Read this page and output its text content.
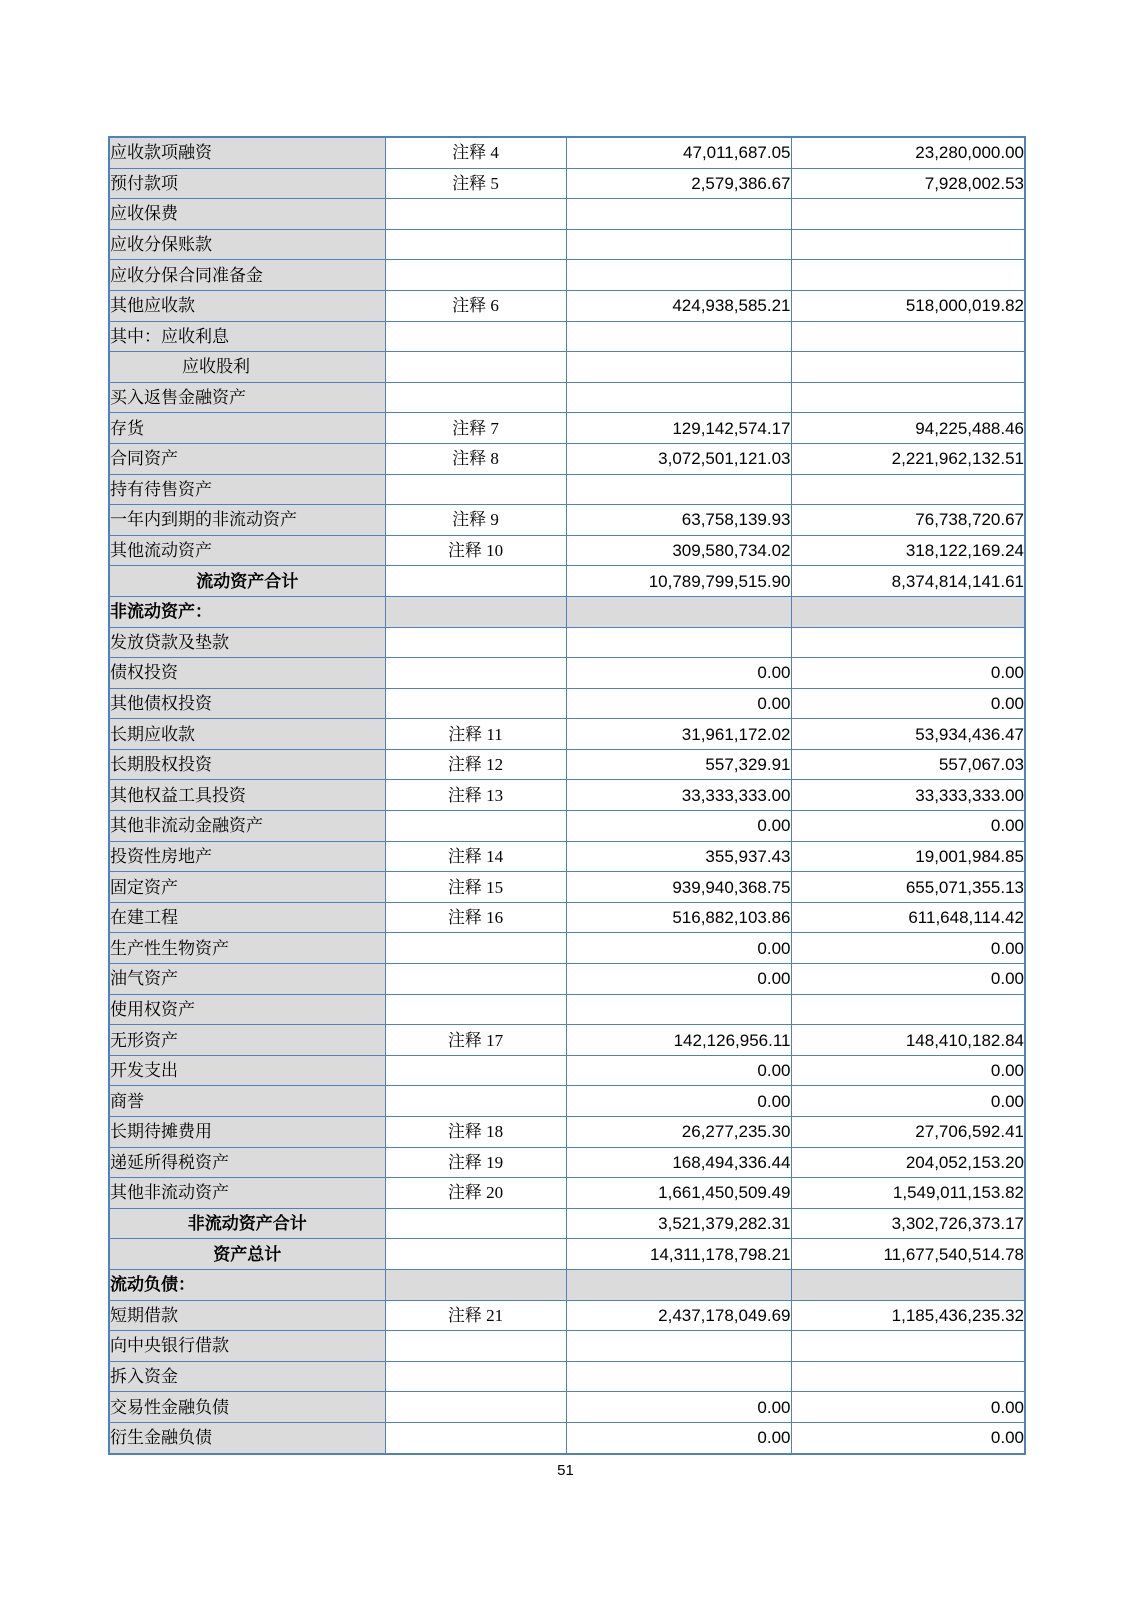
应收款项融资	注释 4	47,011,687.05	23,280,000.00
预付款项	注释 5	2,579,386.67	7,928,002.53
应收保费			
应收分保账款			
应收分保合同准备金			
其他应收款	注释 6	424,938,585.21	518,000,019.82
其中：应收利息			
应收股利			
买入返售金融资产			
存货	注释 7	129,142,574.17	94,225,488.46
合同资产	注释 8	3,072,501,121.03	2,221,962,132.51
持有待售资产			
一年内到期的非流动资产	注释 9	63,758,139.93	76,738,720.67
其他流动资产	注释 10	309,580,734.02	318,122,169.24
流动资产合计		10,789,799,515.90	8,374,814,141.61
非流动资产：			
发放贷款及垫款			
债权投资		0.00	0.00
其他债权投资		0.00	0.00
长期应收款	注释 11	31,961,172.02	53,934,436.47
长期股权投资	注释 12	557,329.91	557,067.03
其他权益工具投资	注释 13	33,333,333.00	33,333,333.00
其他非流动金融资产		0.00	0.00
投资性房地产	注释 14	355,937.43	19,001,984.85
固定资产	注释 15	939,940,368.75	655,071,355.13
在建工程	注释 16	516,882,103.86	611,648,114.42
生产性生物资产		0.00	0.00
油气资产		0.00	0.00
使用权资产			
无形资产	注释 17	142,126,956.11	148,410,182.84
开发支出		0.00	0.00
商誉		0.00	0.00
长期待摊费用	注释 18	26,277,235.30	27,706,592.41
递延所得税资产	注释 19	168,494,336.44	204,052,153.20
其他非流动资产	注释 20	1,661,450,509.49	1,549,011,153.82
非流动资产合计		3,521,379,282.31	3,302,726,373.17
资产总计		14,311,178,798.21	11,677,540,514.78
流动负债：			
短期借款	注释 21	2,437,178,049.69	1,185,436,235.32
向中央银行借款			
拆入资金			
交易性金融负债		0.00	0.00
衍生金融负债		0.00	0.00
51
